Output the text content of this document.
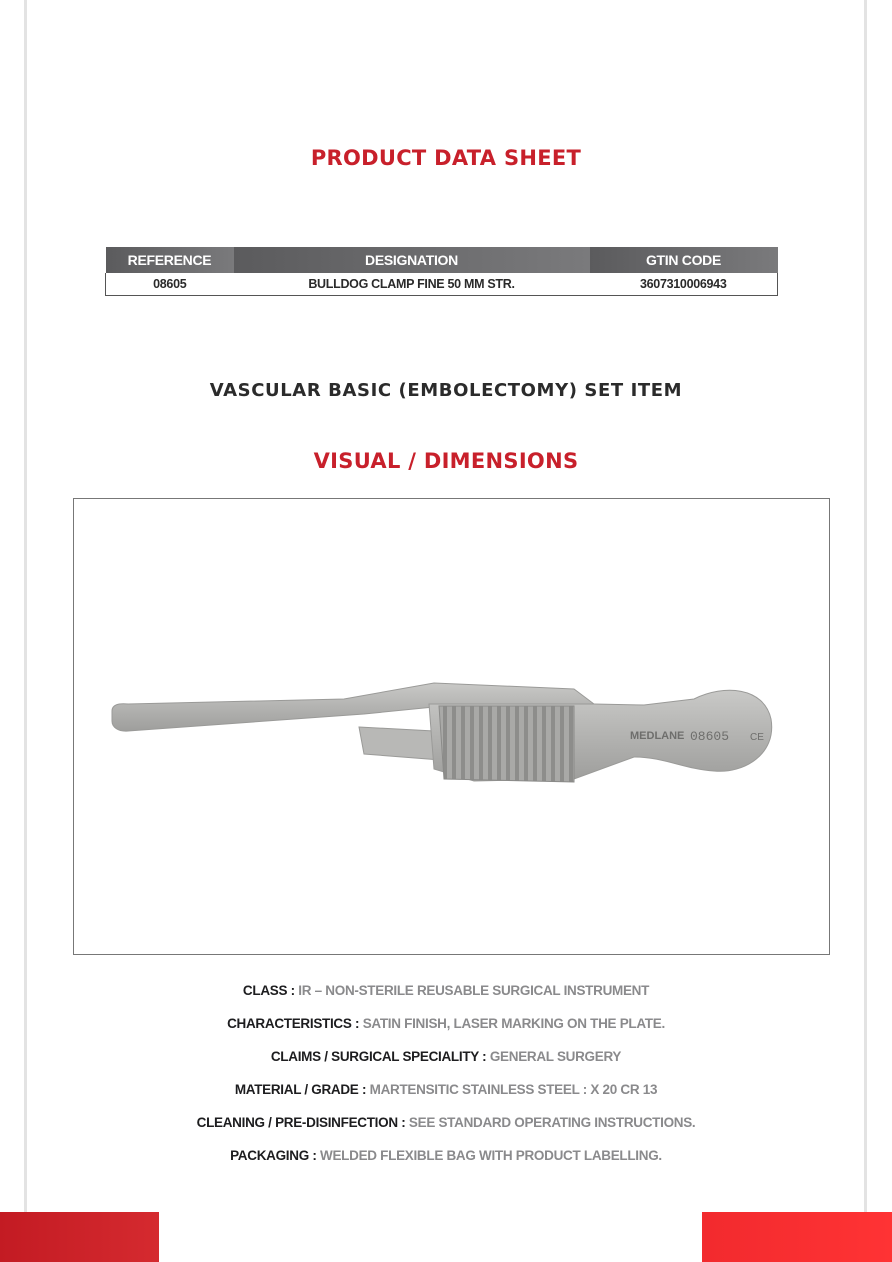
PRODUCT DATA SHEET
REFERENCE	DESIGNATION	GTIN CODE
08605	BULLDOG CLAMP FINE 50 MM STR.	3607310006943
VASCULAR BASIC (EMBOLECTOMY) SET ITEM
VISUAL / DIMENSIONS
MEDLANE 08605 CE
CLASS : IR – NON-STERILE REUSABLE SURGICAL INSTRUMENT
CHARACTERISTICS : SATIN FINISH, LASER MARKING ON THE PLATE.
CLAIMS / SURGICAL SPECIALITY : GENERAL SURGERY
MATERIAL / GRADE : MARTENSITIC STAINLESS STEEL : X 20 CR 13
CLEANING / PRE-DISINFECTION : SEE STANDARD OPERATING INSTRUCTIONS.
PACKAGING : WELDED FLEXIBLE BAG WITH PRODUCT LABELLING.
